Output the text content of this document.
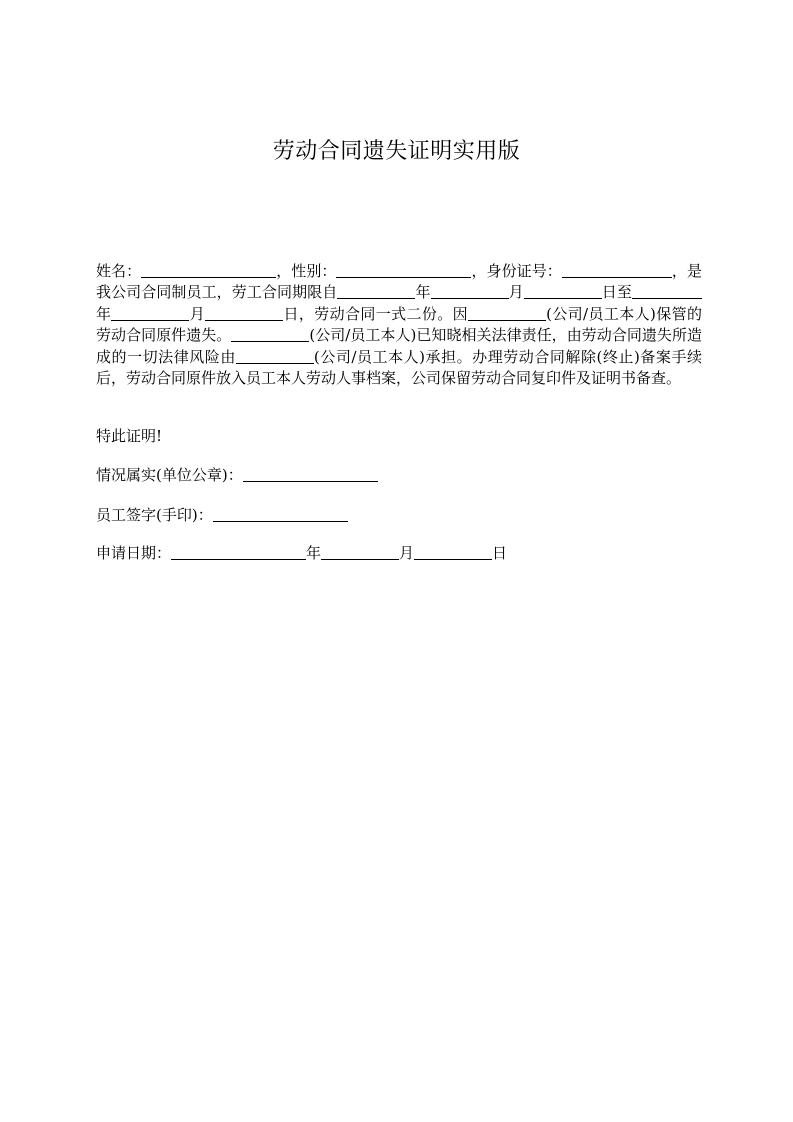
劳动合同遗失证明实用版
姓名：	，性别：	，身份证号：	，是我公司合同制员工，劳工合同期限自	年	月	日至年	月	日，劳动合同一式二份。因	(公司/员工本人)保管的劳动合同原件遗失。	(公司/员工本人)已知晓相关法律责任，由劳动合同遗失所造成的一切法律风险由	(公司/员工本人)承担。办理劳动合同解除(终止)备案手续后，劳动合同原件放入员工本人劳动人事档案，公司保留劳动合同复印件及证明书备查。
特此证明!
情况属实(单位公章)：
员工签字(手印)：
申请日期：	年	月	日
